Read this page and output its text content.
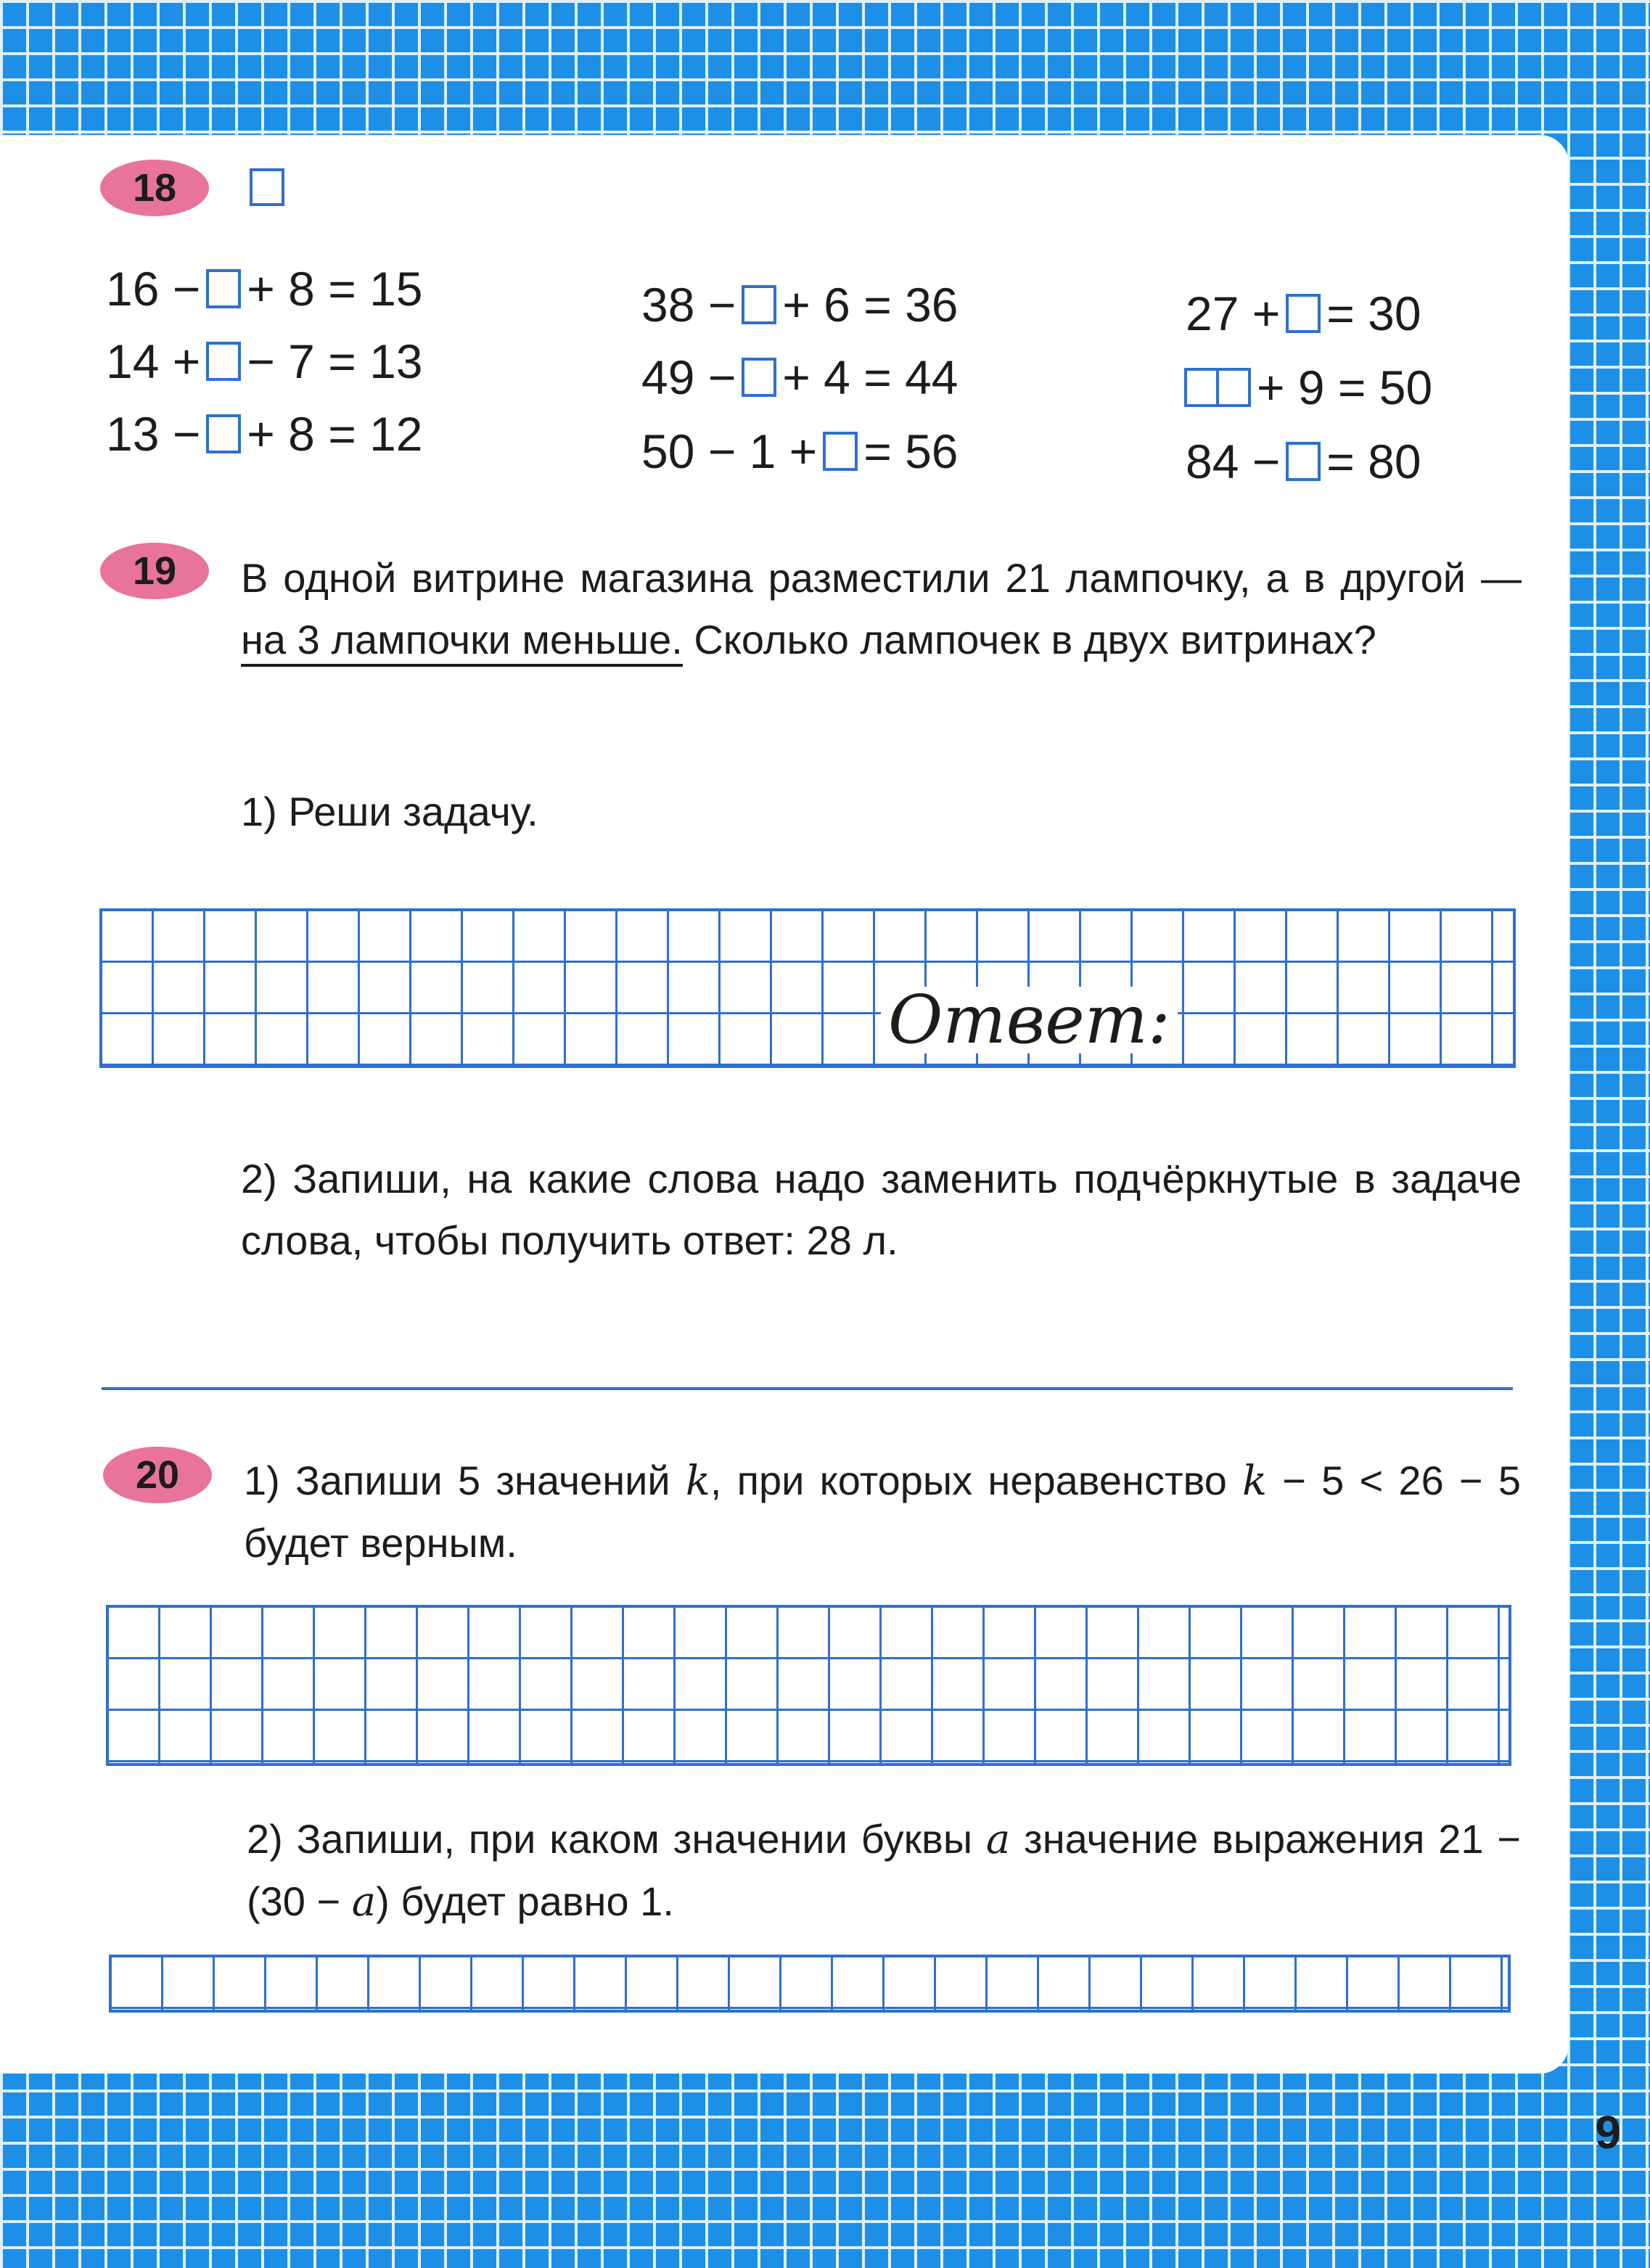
18
16 − + 8 = 15
14 + − 7 = 13
13 − + 8 = 12
38 − + 6 = 36
49 − + 4 = 44
50 − 1 + = 56
27 + = 30
+ 9 = 50
84 − = 80
19 В одной витрине магазина разместили 21 лампочку, а в другой — на 3 лампочки меньше. Сколько лампочек в двух витринах?

1) Реши задачу.

Ответ:

2) Запиши, на какие слова надо заменить подчёркнутые в задаче слова, чтобы получить ответ: 28 л.

20 1) Запиши 5 значений k, при которых неравенство k − 5 < 26 − 5 будет верным.

2) Запиши, при каком значении буквы a значение выражения 21 − (30 − a) будет равно 1.

9
